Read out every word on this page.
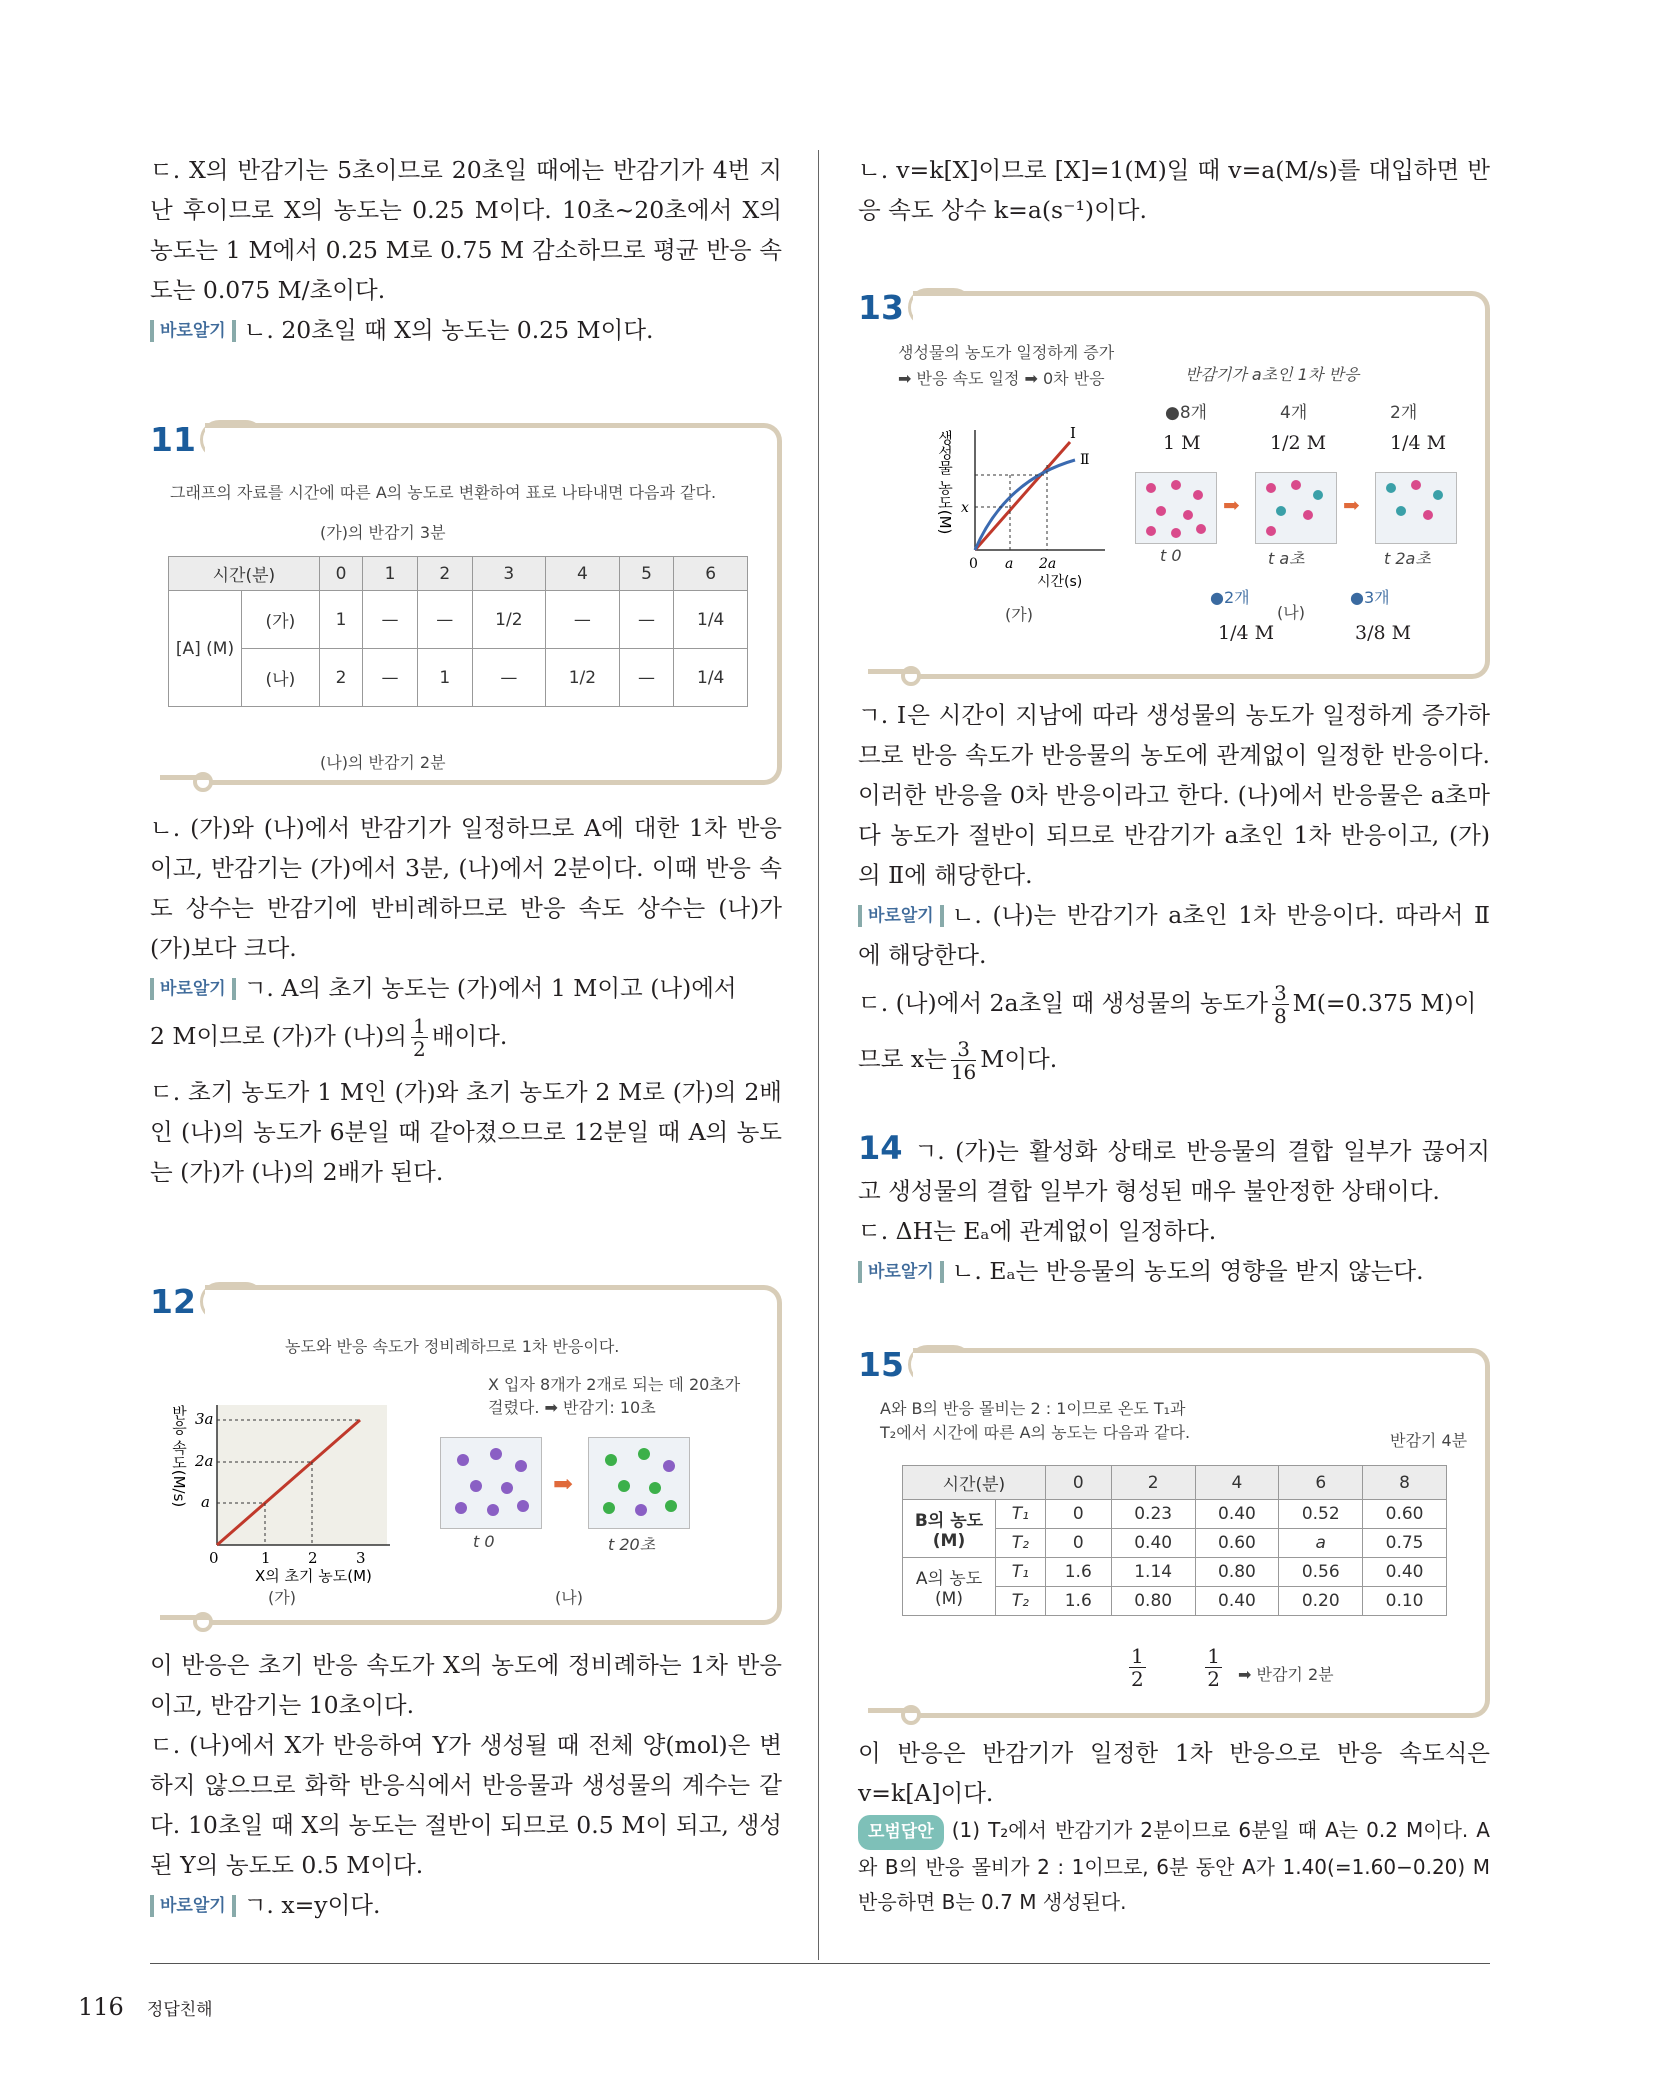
ㄷ. X의 반감기는 5초이므로 20초일 때에는 반감기가 4번 지난 후이므로 X의 농도는 0.25 M이다. 10초~20초에서 X의 농도는 1 M에서 0.25 M로 0.75 M 감소하므로 평균 반응 속도는 0.075 M/초이다.

바로알기 ㄴ. 20초일 때 X의 농도는 0.25 M이다.

11
그래프의 자료를 시간에 따른 A의 농도로 변환하여 표로 나타내면 다음과 같다.
(가)의 반감기 3분
시간(분)		0	1	2	3	4	5	6
[A] (M)	(가)	1	—	—	1/2	—	—	1/4
	(나)	2	—	1	—	1/2	—	1/4
(나)의 반감기 2분

ㄴ. (가)와 (나)에서 반감기가 일정하므로 A에 대한 1차 반응이고, 반감기는 (가)에서 3분, (나)에서 2분이다. 이때 반응 속도 상수는 반감기에 반비례하므로 반응 속도 상수는 (나)가 (가)보다 크다.

바로알기 ㄱ. A의 초기 농도는 (가)에서 1 M이고 (나)에서

2 M이므로 (가)가 (나)의 $\frac{1}{2}$ 배이다.

ㄷ. 초기 농도가 1 M인 (가)와 초기 농도가 2 M로 (가)의 2배인 (나)의 농도가 6분일 때 같아졌으므로 12분일 때 A의 농도는 (가)가 (나)의 2배가 된다.

12
농도와 반응 속도가 정비례하므로 1차 반응이다.
X 입자 8개가 2개로 되는 데 20초가 걸렸다. ➡ 반감기: 10초
3a
2a
a
0	1 2	3
X의 초기 농도(M)
반응 속도(M/s)
(가)	(나)
➡
t 0	t 20초

이 반응은 초기 반응 속도가 X의 농도에 정비례하는 1차 반응이고, 반감기는 10초이다.

ㄷ. (나)에서 X가 반응하여 Y가 생성될 때 전체 양(mol)은 변하지 않으므로 화학 반응식에서 반응물과 생성물의 계수는 같다. 10초일 때 X의 농도는 절반이 되므로 0.5 M이 되고, 생성된 Y의 농도도 0.5 M이다.

바로알기 ㄱ. x=y이다.

ㄴ. v=k[X]이므로 [X]=1(M)일 때 v=a(M/s)를 대입하면 반응 속도 상수 k=a(s⁻¹)이다.

13
생성물의 농도가 일정하게 증가
➡ 반응 속도 일정 ➡ 0차 반응	반감기가 a초인 1차 반응
Ⅰ
Ⅱ
x
0 a 2a
시간(s)
생성물 농도(M)
(가)	(나)
●8개	4개	2개
1 M	1/2 M	1/4 M
➡	➡
t 0	t a초	t 2a초
●2개	●3개
1/4 M	3/8 M

ㄱ. Ⅰ은 시간이 지남에 따라 생성물의 농도가 일정하게 증가하므로 반응 속도가 반응물의 농도에 관계없이 일정한 반응이다. 이러한 반응을 0차 반응이라고 한다. (나)에서 반응물은 a초마다 농도가 절반이 되므로 반감기가 a초인 1차 반응이고, (가)의 Ⅱ에 해당한다.

바로알기 ㄴ. (나)는 반감기가 a초인 1차 반응이다. 따라서 Ⅱ에 해당한다.

ㄷ. (나)에서 2a초일 때 생성물의 농도가 $\frac{3}{8} M(=0.375$ M)이

므로 x는 $\frac{3}{16}$ M이다.

14 ㄱ. (가)는 활성화 상태로 반응물의 결합 일부가 끊어지고 생성물의 결합 일부가 형성된 매우 불안정한 상태이다.

ㄷ. ΔH는 Eₐ에 관계없이 일정하다.

바로알기 ㄴ. Eₐ는 반응물의 농도의 영향을 받지 않는다.

15
A와 B의 반응 몰비는 2 : 1이므로 온도 T₁과
T₂에서 시간에 따른 A의 농도는 다음과 같다.	반감기 4분
시간(분)		0	2	4	6	8
B의 농도(M)	T₁	0	0.23	0.40	0.52	0.60
	T₂	0	0.40	0.60	a	0.75
A의 농도(M)	T₁	1.6	1.14	0.80	0.56	0.40
	T₂	1.6	0.80	0.40	0.20	0.10
$\frac{1}{2}$
	$\frac{1}{2}$ ➡ 반감기 2분

이 반응은 반감기가 일정한 1차 반응으로 반응 속도식은 v=k[A]이다.

모범답안 (1) T₂에서 반감기가 2분이므로 6분일 때 A는 0.2 M이다. A와 B의 반응 몰비가 2 : 1이므로, 6분 동안 A가 1.40(=1.60−0.20) M 반응하면 B는 0.7 M 생성된다.

116 정답친해
